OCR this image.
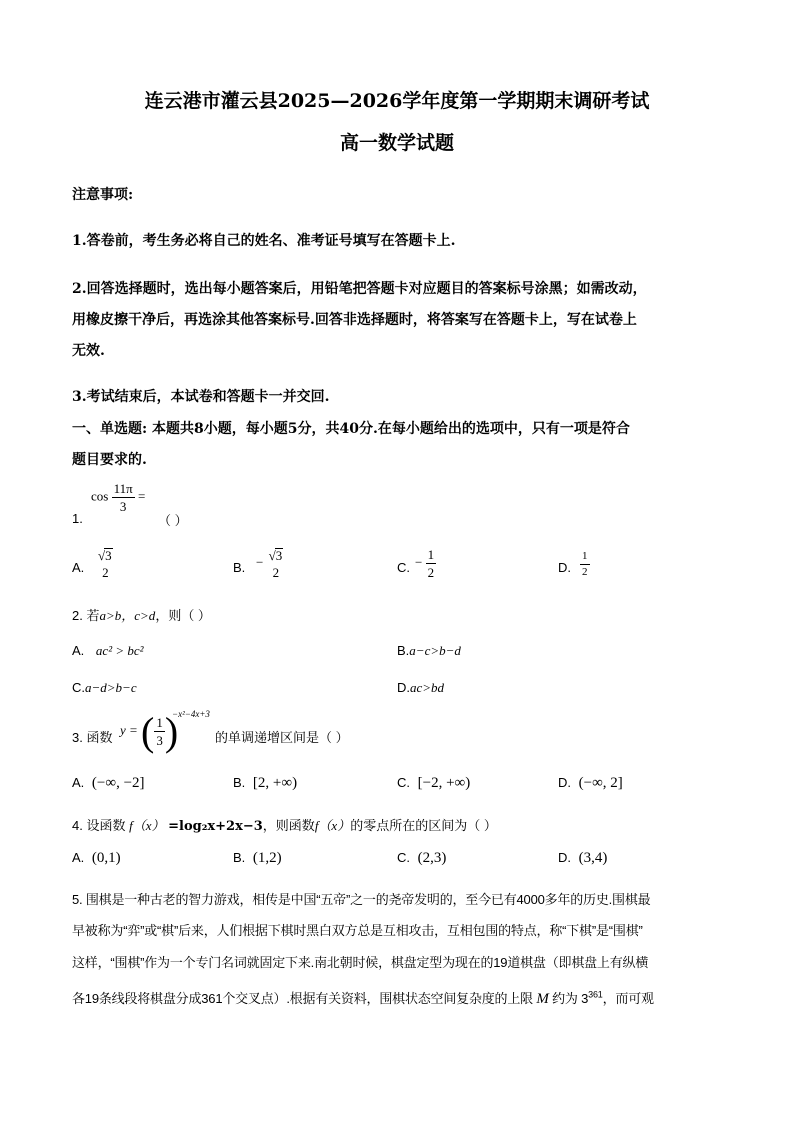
连云港市灌云县2025—2026学年度第一学期期末调研考试
高一数学试题
注意事项:
1.答卷前，考生务必将自己的姓名、准考证号填写在答题卡上.
2.回答选择题时，选出每小题答案后，用铅笔把答题卡对应题目的答案标号涂黑；如需改动，
用橡皮擦干净后，再选涂其他答案标号.回答非选择题时，将答案写在答题卡上，写在试卷上
无效.
3.考试结束后，本试卷和答题卡一并交回.
一、单选题: 本题共8小题，每小题5分，共40分.在每小题给出的选项中，只有一项是符合
题目要求的.
1.
$\cos \frac{11\pi}{3}$ =
（ ）
A.
√3
2	B. − √3
2	C. − $\frac{1}{2}$	D. $\frac{1}{2}$
2. 若a>b，c>d，则（ ）
A. ac² > bc²	B.a−c>b−d
C.a−d>b−c	D.ac>bd
3. 函数
y = ( $\frac{1}{3}$ )
−x²−4x+3
的单调递增区间是（ ）
A. (−∞, −2]	B. [2, +∞)	C. [−2, +∞)	D. (−∞, 2]
4. 设函数 f（x） =log₂x+2x−3，则函数f（x）的零点所在的区间为（ ）
A. (0,1)	B. (1,2)	C. (2,3)	D. (3,4)
5. 围棋是一种古老的智力游戏，相传是中国“五帝”之一的尧帝发明的，至今已有4000多年的历史.围棋最
早被称为“弈”或“棋”后来，人们根据下棋时黑白双方总是互相攻击，互相包围的特点，称“下棋”是“围棋”
这样，“围棋”作为一个专门名词就固定下来.南北朝时候，棋盘定型为现在的19道棋盘（即棋盘上有纵横
各19条线段将棋盘分成361个交叉点）.根据有关资料，围棋状态空间复杂度的上限 M 约为 $3^{361}$，而可观
